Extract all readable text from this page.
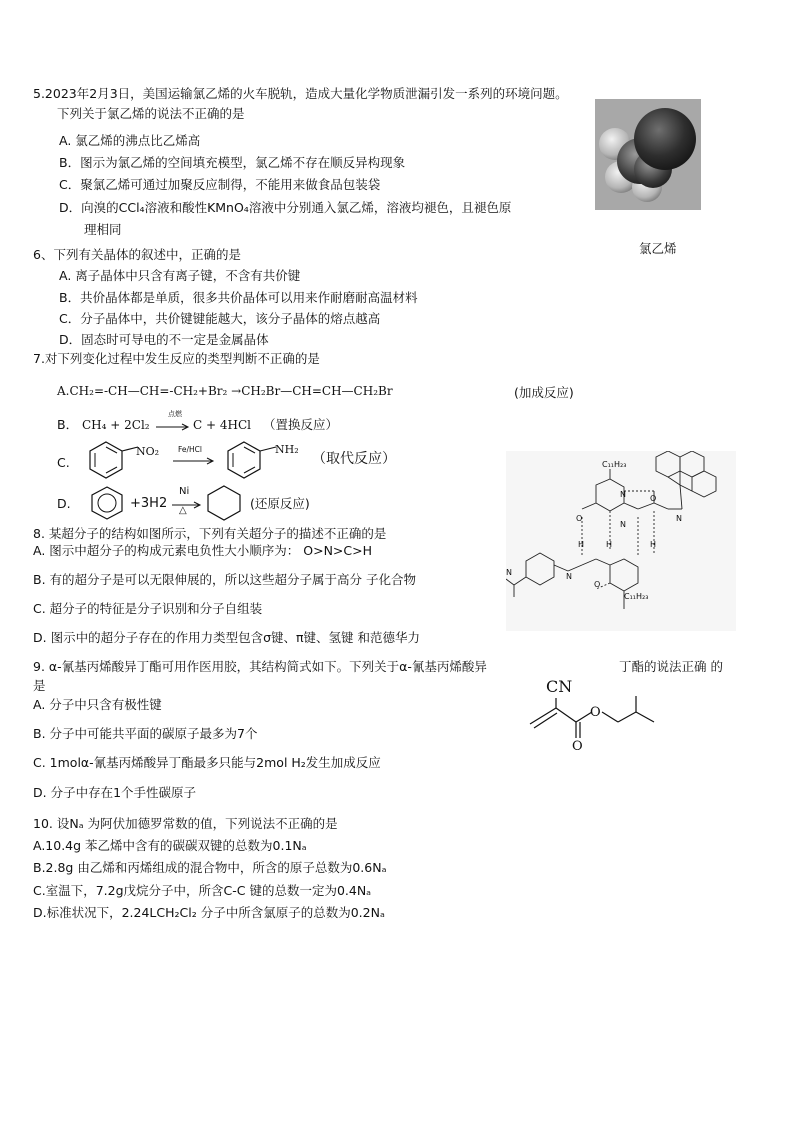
5.2023年2月3日，美国运输氯乙烯的火车脱轨，造成大量化学物质泄漏引发一系列的环境问题。
下列关于氯乙烯的说法不正确的是
A. 氯乙烯的沸点比乙烯高
B．图示为氯乙烯的空间填充模型，氯乙烯不存在顺反异构现象
C．聚氯乙烯可通过加聚反应制得，不能用来做食品包装袋
D．向溴的CCl₄溶液和酸性KMnO₄溶液中分别通入氯乙烯，溶液均褪色，且褪色原
理相同
氯乙烯
6、下列有关晶体的叙述中，正确的是
A. 离子晶体中只含有离子键，不含有共价键
B．共价晶体都是单质，很多共价晶体可以用来作耐磨耐高温材料
C．分子晶体中，共价键键能越大，该分子晶体的熔点越高
D．固态时可导电的不一定是金属晶体
7.对下列变化过程中发生反应的类型判断不正确的是
A.CH₂=-CH—CH=-CH₂+Br₂ →CH₂Br—CH=CH—CH₂Br	(加成反应)
B． CH₄ + 2Cl₂
点燃
C + 4HCl （置换反应）
C.
NO₂	Fe/HCl	NH₂
（取代反应）
D.	+3H2
Ni
△	(还原反应)
C₁₁H₂₃
C₁₁H₂₃
O
O
O
N
N
N
H	H	H
N
N
8. 某超分子的结构如图所示，下列有关超分子的描述不正确的是
A. 图示中超分子的构成元素电负性大小顺序为： O>N>C>H
B. 有的超分子是可以无限伸展的，所以这些超分子属于高分 子化合物
C. 超分子的特征是分子识别和分子自组装
D. 图示中的超分子存在的作用力类型包含σ键、π键、氢键 和范德华力
9. α-氰基丙烯酸异丁酯可用作医用胶，其结构简式如下。下列关于α-氰基丙烯酸异	丁酯的说法正确 的
是
A. 分子中只含有极性键
B. 分子中可能共平面的碳原子最多为7个
C. 1molα-氰基丙烯酸异丁酯最多只能与2mol H₂发生加成反应
D. 分子中存在1个手性碳原子
CN
O
O
10. 设Nₐ 为阿伏加德罗常数的值，下列说法不正确的是
A.10.4g 苯乙烯中含有的碳碳双键的总数为0.1Nₐ
B.2.8g 由乙烯和丙烯组成的混合物中，所含的原子总数为0.6Nₐ
C.室温下，7.2g戊烷分子中，所含C-C 键的总数一定为0.4Nₐ
D.标准状况下，2.24LCH₂Cl₂ 分子中所含氯原子的总数为0.2Nₐ
